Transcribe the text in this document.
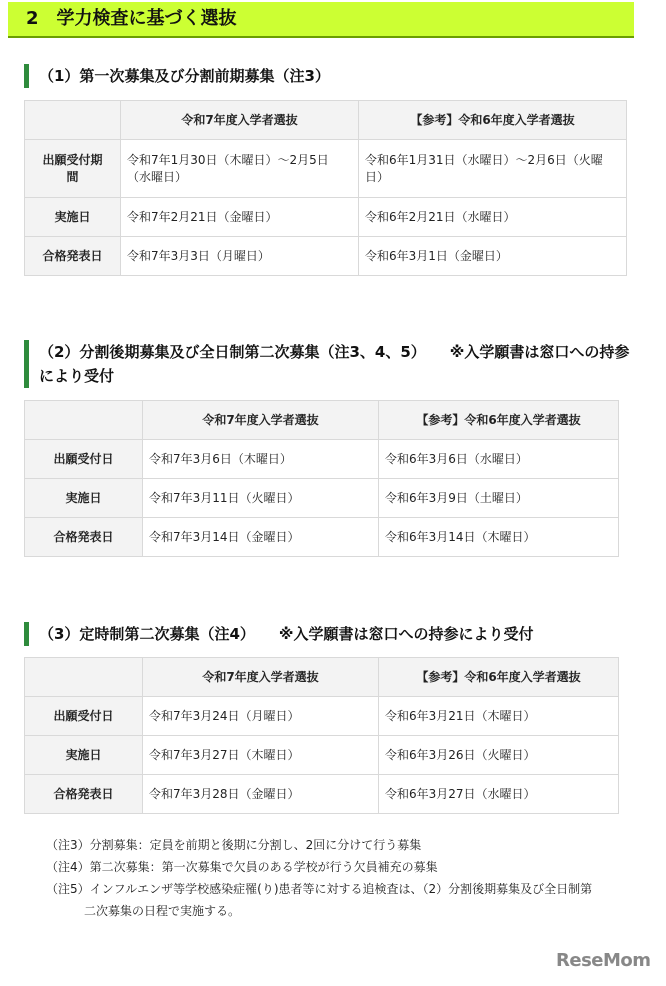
2　学力検査に基づく選抜
（1）第一次募集及び分割前期募集（注3）
	令和7年度入学者選抜	【参考】令和6年度入学者選抜
出願受付期間	令和7年1月30日（木曜日）～2月5日（水曜日）	令和6年1月31日（水曜日）～2月6日（火曜日）
実施日	令和7年2月21日（金曜日）	令和6年2月21日（水曜日）
合格発表日	令和7年3月3日（月曜日）	令和6年3月1日（金曜日）
（2）分割後期募集及び全日制第二次募集（注3、4、5） ※入学願書は窓口への持参により受付
	令和7年度入学者選抜	【参考】令和6年度入学者選抜
出願受付日	令和7年3月6日（木曜日）	令和6年3月6日（水曜日）
実施日	令和7年3月11日（火曜日）	令和6年3月9日（土曜日）
合格発表日	令和7年3月14日（金曜日）	令和6年3月14日（木曜日）
（3）定時制第二次募集（注4） ※入学願書は窓口への持参により受付
	令和7年度入学者選抜	【参考】令和6年度入学者選抜
出願受付日	令和7年3月24日（月曜日）	令和6年3月21日（木曜日）
実施日	令和7年3月27日（木曜日）	令和6年3月26日（火曜日）
合格発表日	令和7年3月28日（金曜日）	令和6年3月27日（水曜日）
（注3）分割募集：定員を前期と後期に分割し、2回に分けて行う募集
（注4）第二次募集：第一次募集で欠員のある学校が行う欠員補充の募集
（注5）インフルエンザ等学校感染症罹(り)患者等に対する追検査は、（2）分割後期募集及び全日制第
二次募集の日程で実施する。
ReseMom
